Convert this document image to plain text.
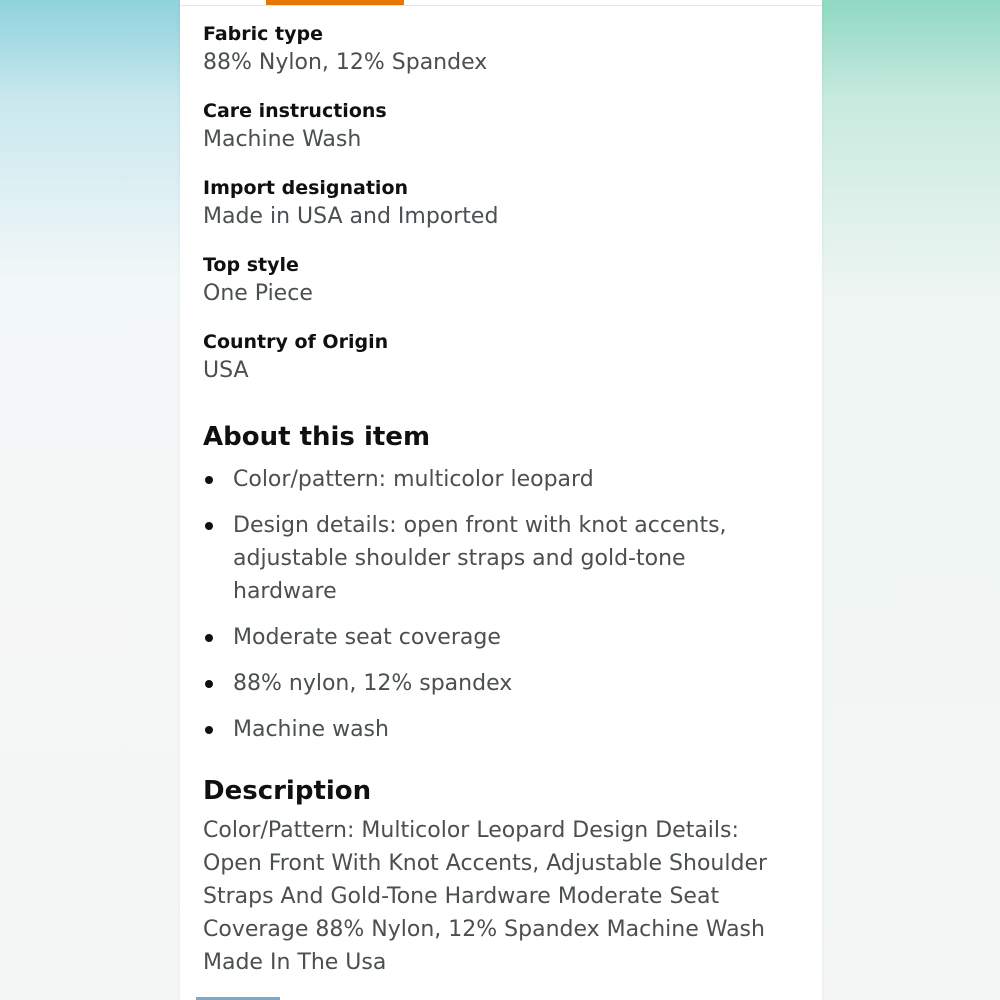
Fabric type
88% Nylon, 12% Spandex
Care instructions
Machine Wash
Import designation
Made in USA and Imported
Top style
One Piece
Country of Origin
USA
About this item
Color/pattern: multicolor leopard
Design details: open front with knot accents, adjustable shoulder straps and gold-tone hardware
Moderate seat coverage
88% nylon, 12% spandex
Machine wash
Description
Color/Pattern: Multicolor Leopard Design Details: Open Front With Knot Accents, Adjustable Shoulder Straps And Gold-Tone Hardware Moderate Seat Coverage 88% Nylon, 12% Spandex Machine Wash Made In The Usa
